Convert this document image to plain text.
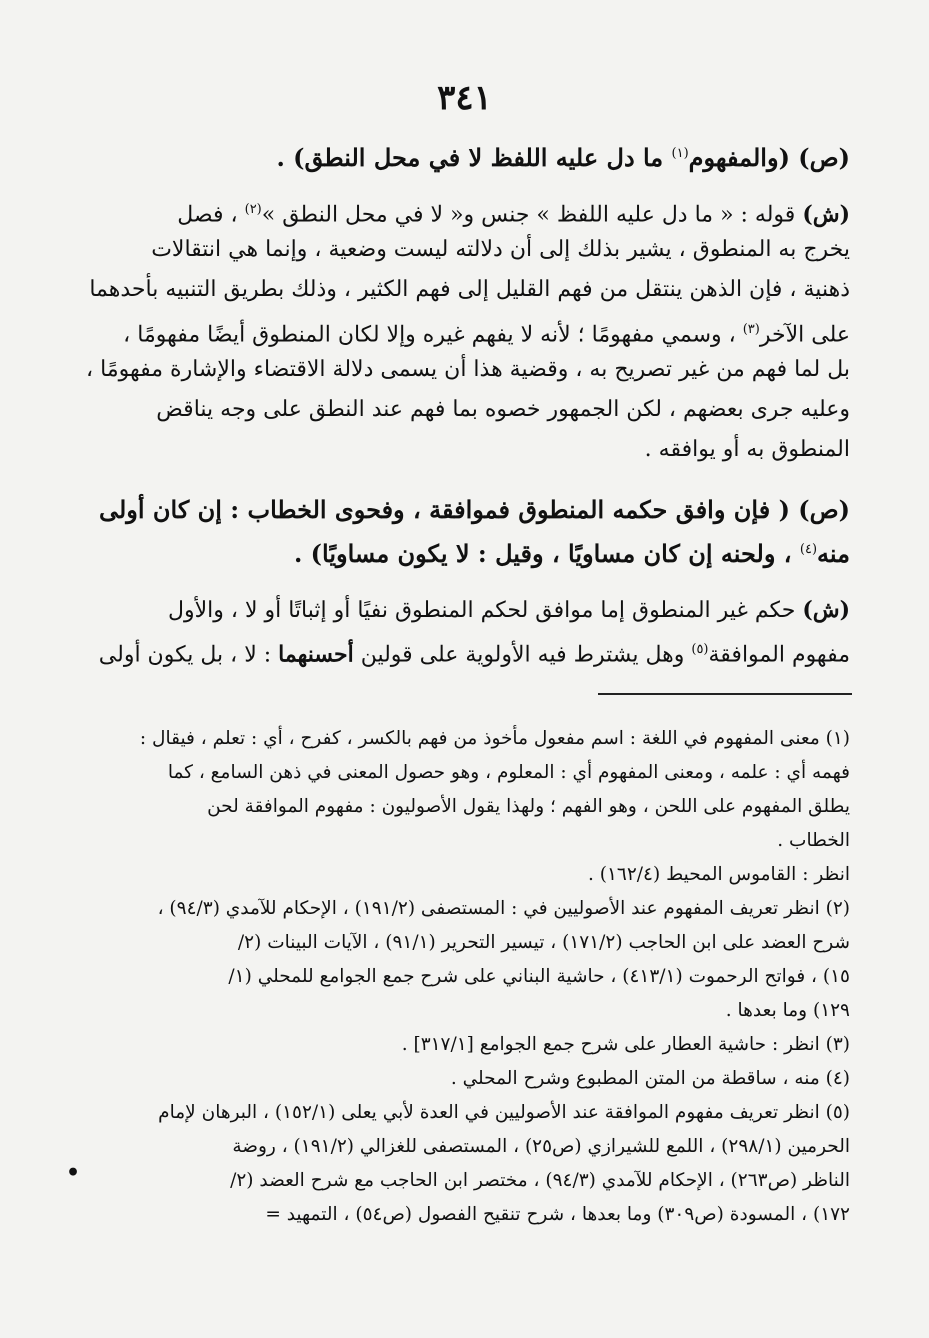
٣٤١
(ص) (والمفهوم$^{(١)}$ ما دل عليه اللفظ لا في محل النطق) .
(ش) قوله : « ما دل عليه اللفظ » جنس و« لا في محل النطق »$^{(٢)}$ ، فصل
يخرج به المنطوق ، يشير بذلك إلى أن دلالته ليست وضعية ، وإنما هي انتقالات
ذهنية ، فإن الذهن ينتقل من فهم القليل إلى فهم الكثير ، وذلك بطريق التنبيه بأحدهما
على الآخر$^{(٣)}$ ، وسمي مفهومًا ؛ لأنه لا يفهم غيره وإلا لكان المنطوق أيضًا مفهومًا ،
بل لما فهم من غير تصريح به ، وقضية هذا أن يسمى دلالة الاقتضاء والإشارة مفهومًا ،
وعليه جرى بعضهم ، لكن الجمهور خصوه بما فهم عند النطق على وجه يناقض
المنطوق به أو يوافقه .
(ص) ( فإن وافق حكمه المنطوق فموافقة ، وفحوى الخطاب : إن كان أولى
منه$^{(٤)}$ ، ولحنه إن كان مساويًا ، وقيل : لا يكون مساويًا) .
(ش) حكم غير المنطوق إما موافق لحكم المنطوق نفيًا أو إثباتًا أو لا ، والأول
مفهوم الموافقة$^{(٥)}$ وهل يشترط فيه الأولوية على قولين أحسنهما : لا ، بل يكون أولى
(١) معنى المفهوم في اللغة : اسم مفعول مأخوذ من فهم بالكسر ، كفرح ، أي : تعلم ، فيقال :
فهمه أي : علمه ، ومعنى المفهوم أي : المعلوم ، وهو حصول المعنى في ذهن السامع ، كما
يطلق المفهوم على اللحن ، وهو الفهم ؛ ولهذا يقول الأصوليون : مفهوم الموافقة لحن
الخطاب .
انظر : القاموس المحيط (١٦٢/٤) .
(٢) انظر تعريف المفهوم عند الأصوليين في : المستصفى (١٩١/٢) ، الإحكام للآمدي (٩٤/٣) ،
شرح العضد على ابن الحاجب (١٧١/٢) ، تيسير التحرير (٩١/١) ، الآيات البينات (٢/
١٥) ، فواتح الرحموت (٤١٣/١) ، حاشية البناني على شرح جمع الجوامع للمحلي (١/
١٢٩) وما بعدها .
(٣) انظر : حاشية العطار على شرح جمع الجوامع [٣١٧/١] .
(٤) منه ، ساقطة من المتن المطبوع وشرح المحلي .
(٥) انظر تعريف مفهوم الموافقة عند الأصوليين في العدة لأبي يعلى (١٥٢/١) ، البرهان لإمام
الحرمين (٢٩٨/١) ، اللمع للشيرازي (ص٢٥) ، المستصفى للغزالي (١٩١/٢) ، روضة
الناظر (ص٢٦٣) ، الإحكام للآمدي (٩٤/٣) ، مختصر ابن الحاجب مع شرح العضد (٢/
١٧٢) ، المسودة (ص٣٠٩) وما بعدها ، شرح تنقيح الفصول (ص٥٤) ، التمهيد =
•
